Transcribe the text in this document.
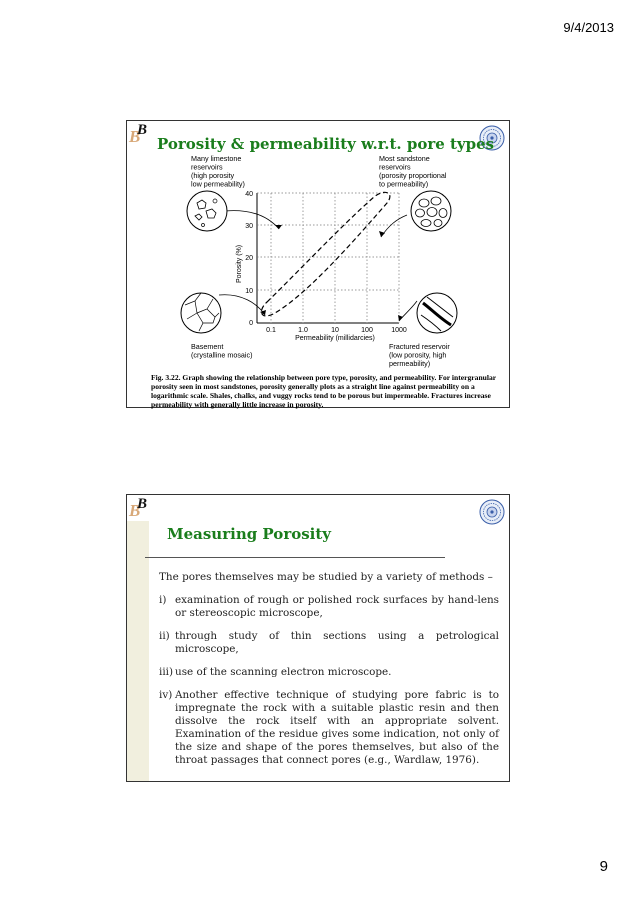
9/4/2013
B
B
Porosity & permeability w.r.t. pore types
Many limestone reservoirs (high porosity low permeability)
Most sandstone reservoirs (porosity proportional to permeability)
Basement (crystalline mosaic)
Fractured reservoir (low porosity, high permeability)
0
10
20
30
40
0.1	1.0	10	100	1000
Porosity (%)
Permeability (millidarcies)
Fig. 3.22. Graph showing the relationship between pore type, porosity, and permeability. For intergranular porosity seen in most sandstones, porosity generally plots as a straight line against permeability on a logarithmic scale. Shales, chalks, and vuggy rocks tend to be porous but impermeable. Fractures increase permeability with generally little increase in porosity.
B
B
Measuring Porosity

The pores themselves may be studied by a variety of methods –

i) examination of rough or polished rock surfaces by hand-lens or stereoscopic microscope,
ii) through study of thin sections using a petrological microscope,
iii) use of the scanning electron microscope.
iv) Another effective technique of studying pore fabric is to impregnate the rock with a suitable plastic resin and then dissolve the rock itself with an appropriate solvent. Examination of the residue gives some indication, not only of the size and shape of the pores themselves, but also of the throat passages that connect pores (e.g., Wardlaw, 1976).
9
